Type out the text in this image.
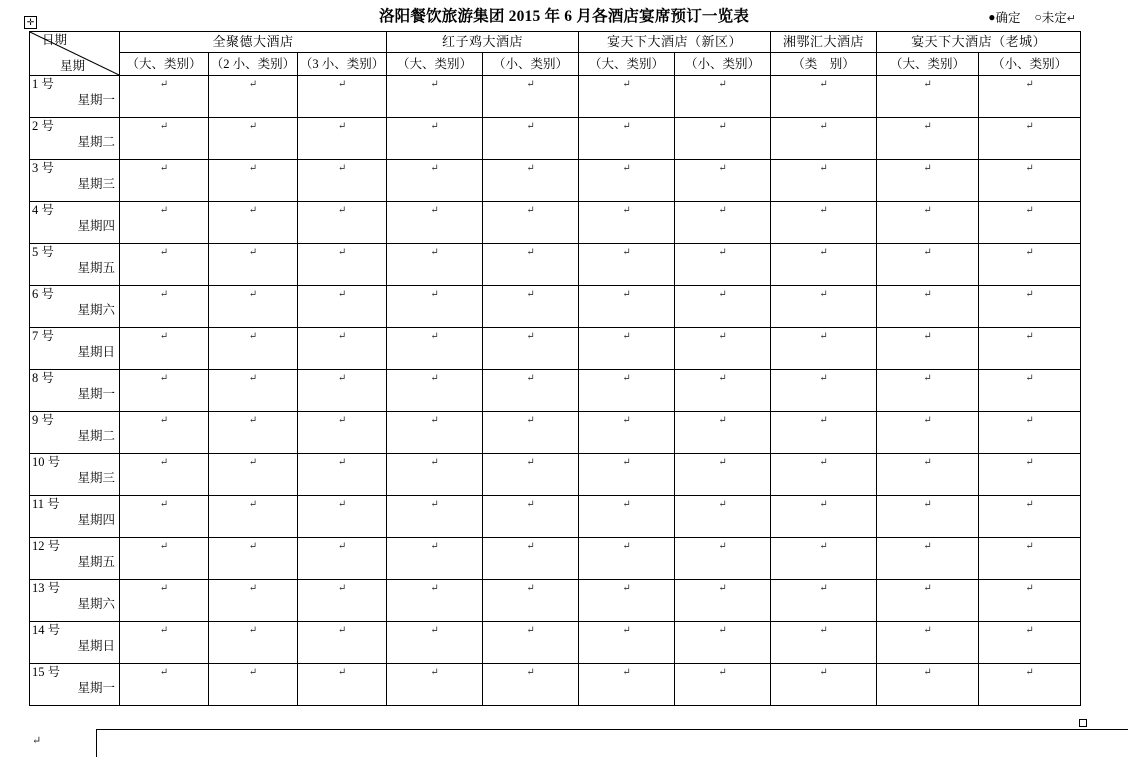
✛
洛阳餐饮旅游集团 2015 年 6 月各酒店宴席预订一览表	●确定 ○未定↵
日期
星期	全聚德大酒店			红子鸡大酒店		宴天下大酒店（新区）		湘鄂汇大酒店	宴天下大酒店（老城）	
	（大、类别）	（2 小、类别）	（3 小、类别）	（大、类别）	（小、类别）	（大、类别）	（小、类别）	（类　别）	（大、类别）	（小、类别）

1 号
星期一	↵	↵	↵	↵	↵	↵	↵	↵	↵	↵

2 号
星期二	↵	↵	↵	↵	↵	↵	↵	↵	↵	↵

3 号
星期三	↵	↵	↵	↵	↵	↵	↵	↵	↵	↵

4 号
星期四	↵	↵	↵	↵	↵	↵	↵	↵	↵	↵

5 号
星期五	↵	↵	↵	↵	↵	↵	↵	↵	↵	↵

6 号
星期六	↵	↵	↵	↵	↵	↵	↵	↵	↵	↵

7 号
星期日	↵	↵	↵	↵	↵	↵	↵	↵	↵	↵

8 号
星期一	↵	↵	↵	↵	↵	↵	↵	↵	↵	↵

9 号
星期二	↵	↵	↵	↵	↵	↵	↵	↵	↵	↵

10 号
星期三	↵	↵	↵	↵	↵	↵	↵	↵	↵	↵

11 号
星期四	↵	↵	↵	↵	↵	↵	↵	↵	↵	↵

12 号
星期五	↵	↵	↵	↵	↵	↵	↵	↵	↵	↵

13 号
星期六	↵	↵	↵	↵	↵	↵	↵	↵	↵	↵

14 号
星期日	↵	↵	↵	↵	↵	↵	↵	↵	↵	↵

15 号
星期一	↵	↵	↵	↵	↵	↵	↵	↵	↵	↵
↵
